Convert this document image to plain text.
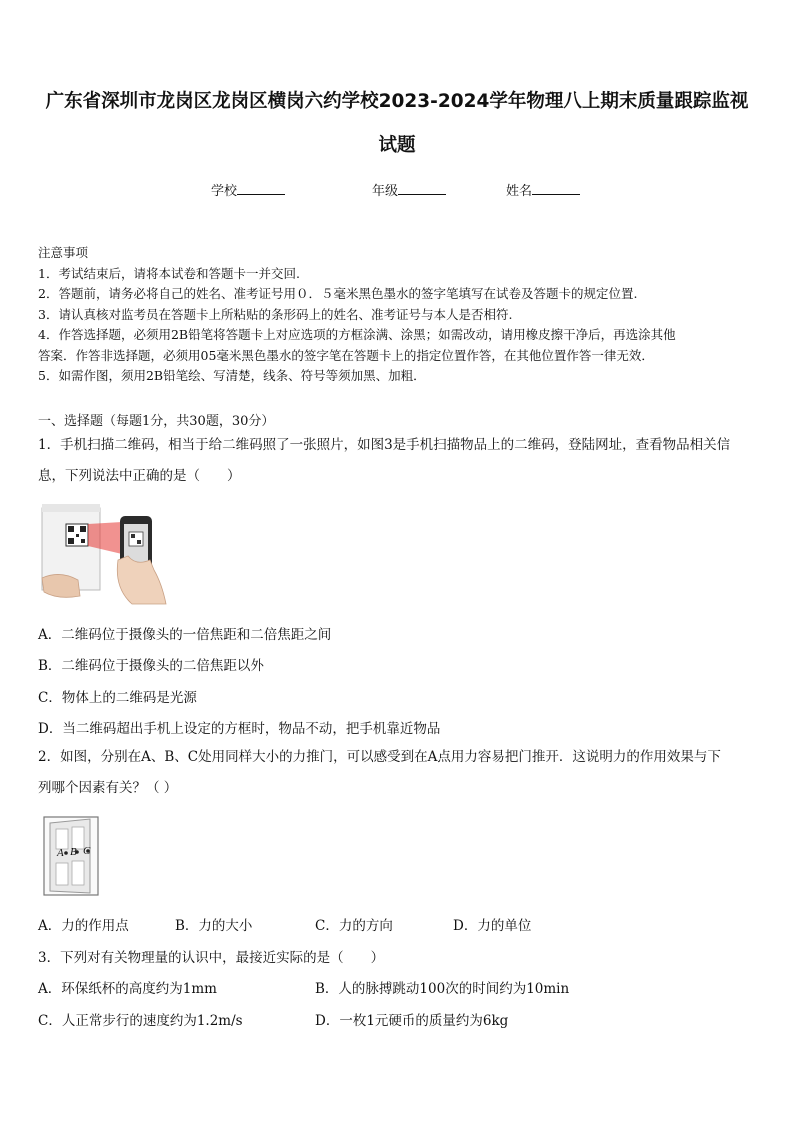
广东省深圳市龙岗区龙岗区横岗六约学校2023-2024学年物理八上期末质量跟踪监视
试题
学校	年级	姓名
注意事项
1．考试结束后，请将本试卷和答题卡一并交回.
2．答题前，请务必将自己的姓名、准考证号用０．５毫米黑色墨水的签字笔填写在试卷及答题卡的规定位置.
3．请认真核对监考员在答题卡上所粘贴的条形码上的姓名、准考证号与本人是否相符.
4．作答选择题，必须用2B铅笔将答题卡上对应选项的方框涂满、涂黑；如需改动，请用橡皮擦干净后，再选涂其他
答案．作答非选择题，必须用05毫米黑色墨水的签字笔在答题卡上的指定位置作答，在其他位置作答一律无效．
5．如需作图，须用2B铅笔绘、写清楚，线条、符号等须加黑、加粗．
一、选择题（每题1分，共30题，30分）
1．手机扫描二维码，相当于给二维码照了一张照片，如图3是手机扫描物品上的二维码，登陆网址，查看物品相关信
息，下列说法中正确的是（　　）
A．二维码位于摄像头的一倍焦距和二倍焦距之间
B．二维码位于摄像头的二倍焦距以外
C．物体上的二维码是光源
D．当二维码超出手机上设定的方框时，物品不动，把手机靠近物品
2．如图，分别在A、B、C处用同样大小的力推门，可以感受到在A点用力容易把门推开．这说明力的作用效果与下
列哪个因素有关？（ ）
A B C
A．力的作用点	B．力的大小	C．力的方向	D．力的单位
3．下列对有关物理量的认识中，最接近实际的是（　　）
A．环保纸杯的高度约为1mm	B．人的脉搏跳动100次的时间约为10min
C．人正常步行的速度约为1.2m/s	D．一枚1元硬币的质量约为6kg
